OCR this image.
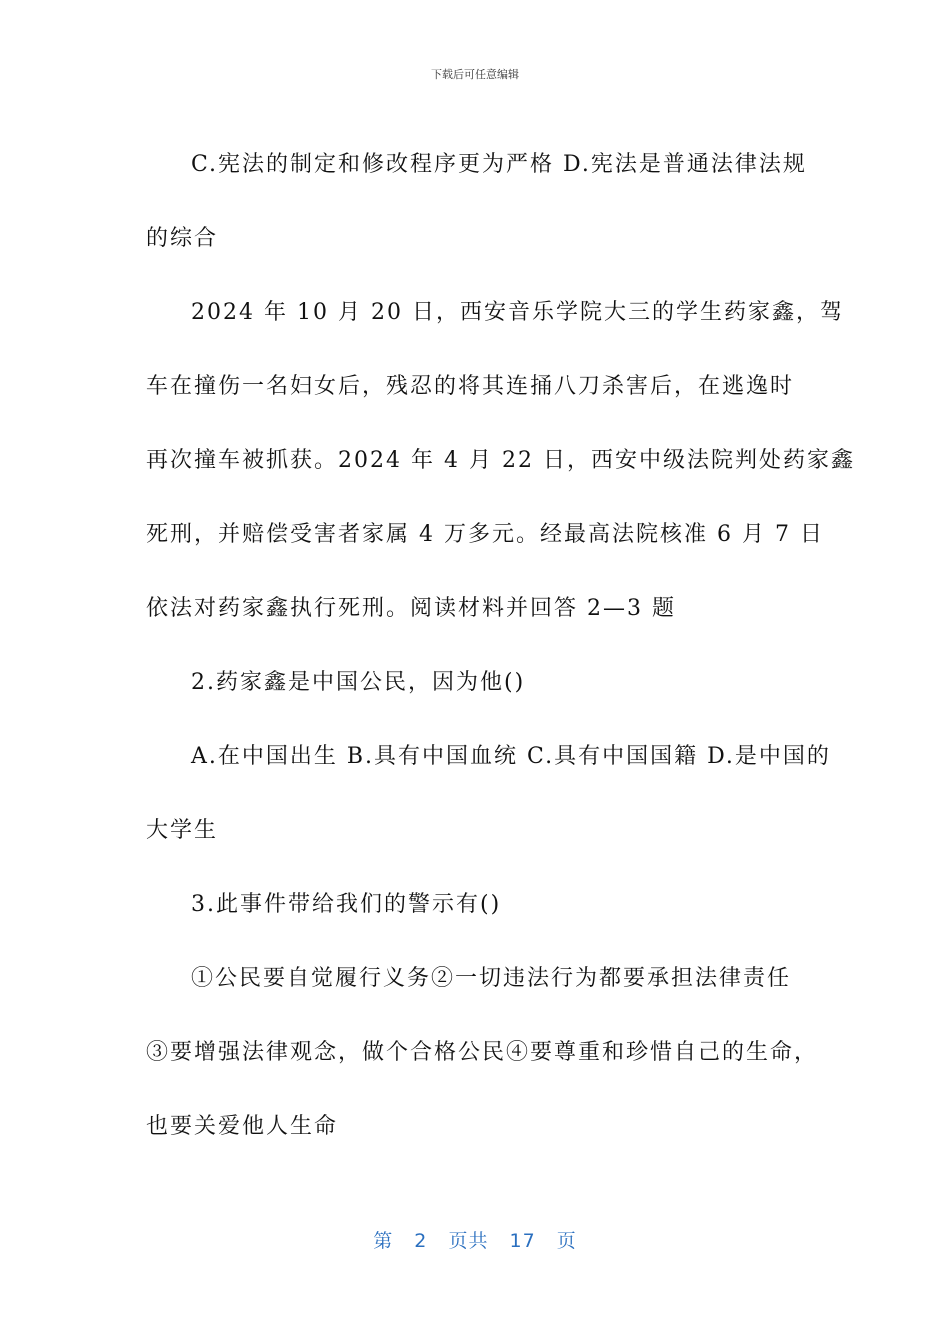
下载后可任意编辑
C.宪法的制定和修改程序更为严格 D.宪法是普通法律法规
的综合
2024 年 10 月 20 日，西安音乐学院大三的学生药家鑫，驾
车在撞伤一名妇女后，残忍的将其连捅八刀杀害后，在逃逸时
再次撞车被抓获。2024 年 4 月 22 日，西安中级法院判处药家鑫
死刑，并赔偿受害者家属 4 万多元。经最高法院核准 6 月 7 日
依法对药家鑫执行死刑。阅读材料并回答 2—3 题
2.药家鑫是中国公民，因为他()
A.在中国出生 B.具有中国血统 C.具有中国国籍 D.是中国的
大学生
3.此事件带给我们的警示有()
①公民要自觉履行义务②一切违法行为都要承担法律责任
③要增强法律观念，做个合格公民④要尊重和珍惜自己的生命，
也要关爱他人生命
第 2 页共 17 页
